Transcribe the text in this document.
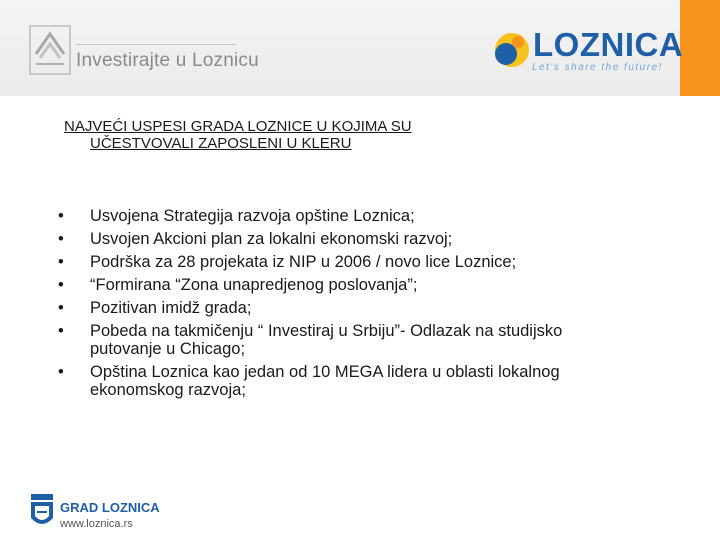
Investirajte u Loznicu	LOZNICA
Let's share the future!
NAJVEĆI USPESI GRADA LOZNICE U KOJIMA SU
UČESTVOVALI ZAPOSLENI U KLERU
• Usvojena Strategija razvoja opštine Loznica;
• Usvojen Akcioni plan za lokalni ekonomski razvoj;
• Podrška za 28 projekata iz NIP u 2006 / novo lice Loznice;
• “Formirana “Zona unapredjenog poslovanja”;
• Pozitivan imidž grada;
• Pobeda na takmičenju “ Investiraj u Srbiju”- Odlazak na studijsko putovanje u Chicago;
• Opština Loznica kao jedan od 10 MEGA lidera u oblasti lokalnog ekonomskog razvoja;
GRAD LOZNICA
www.loznica.rs
